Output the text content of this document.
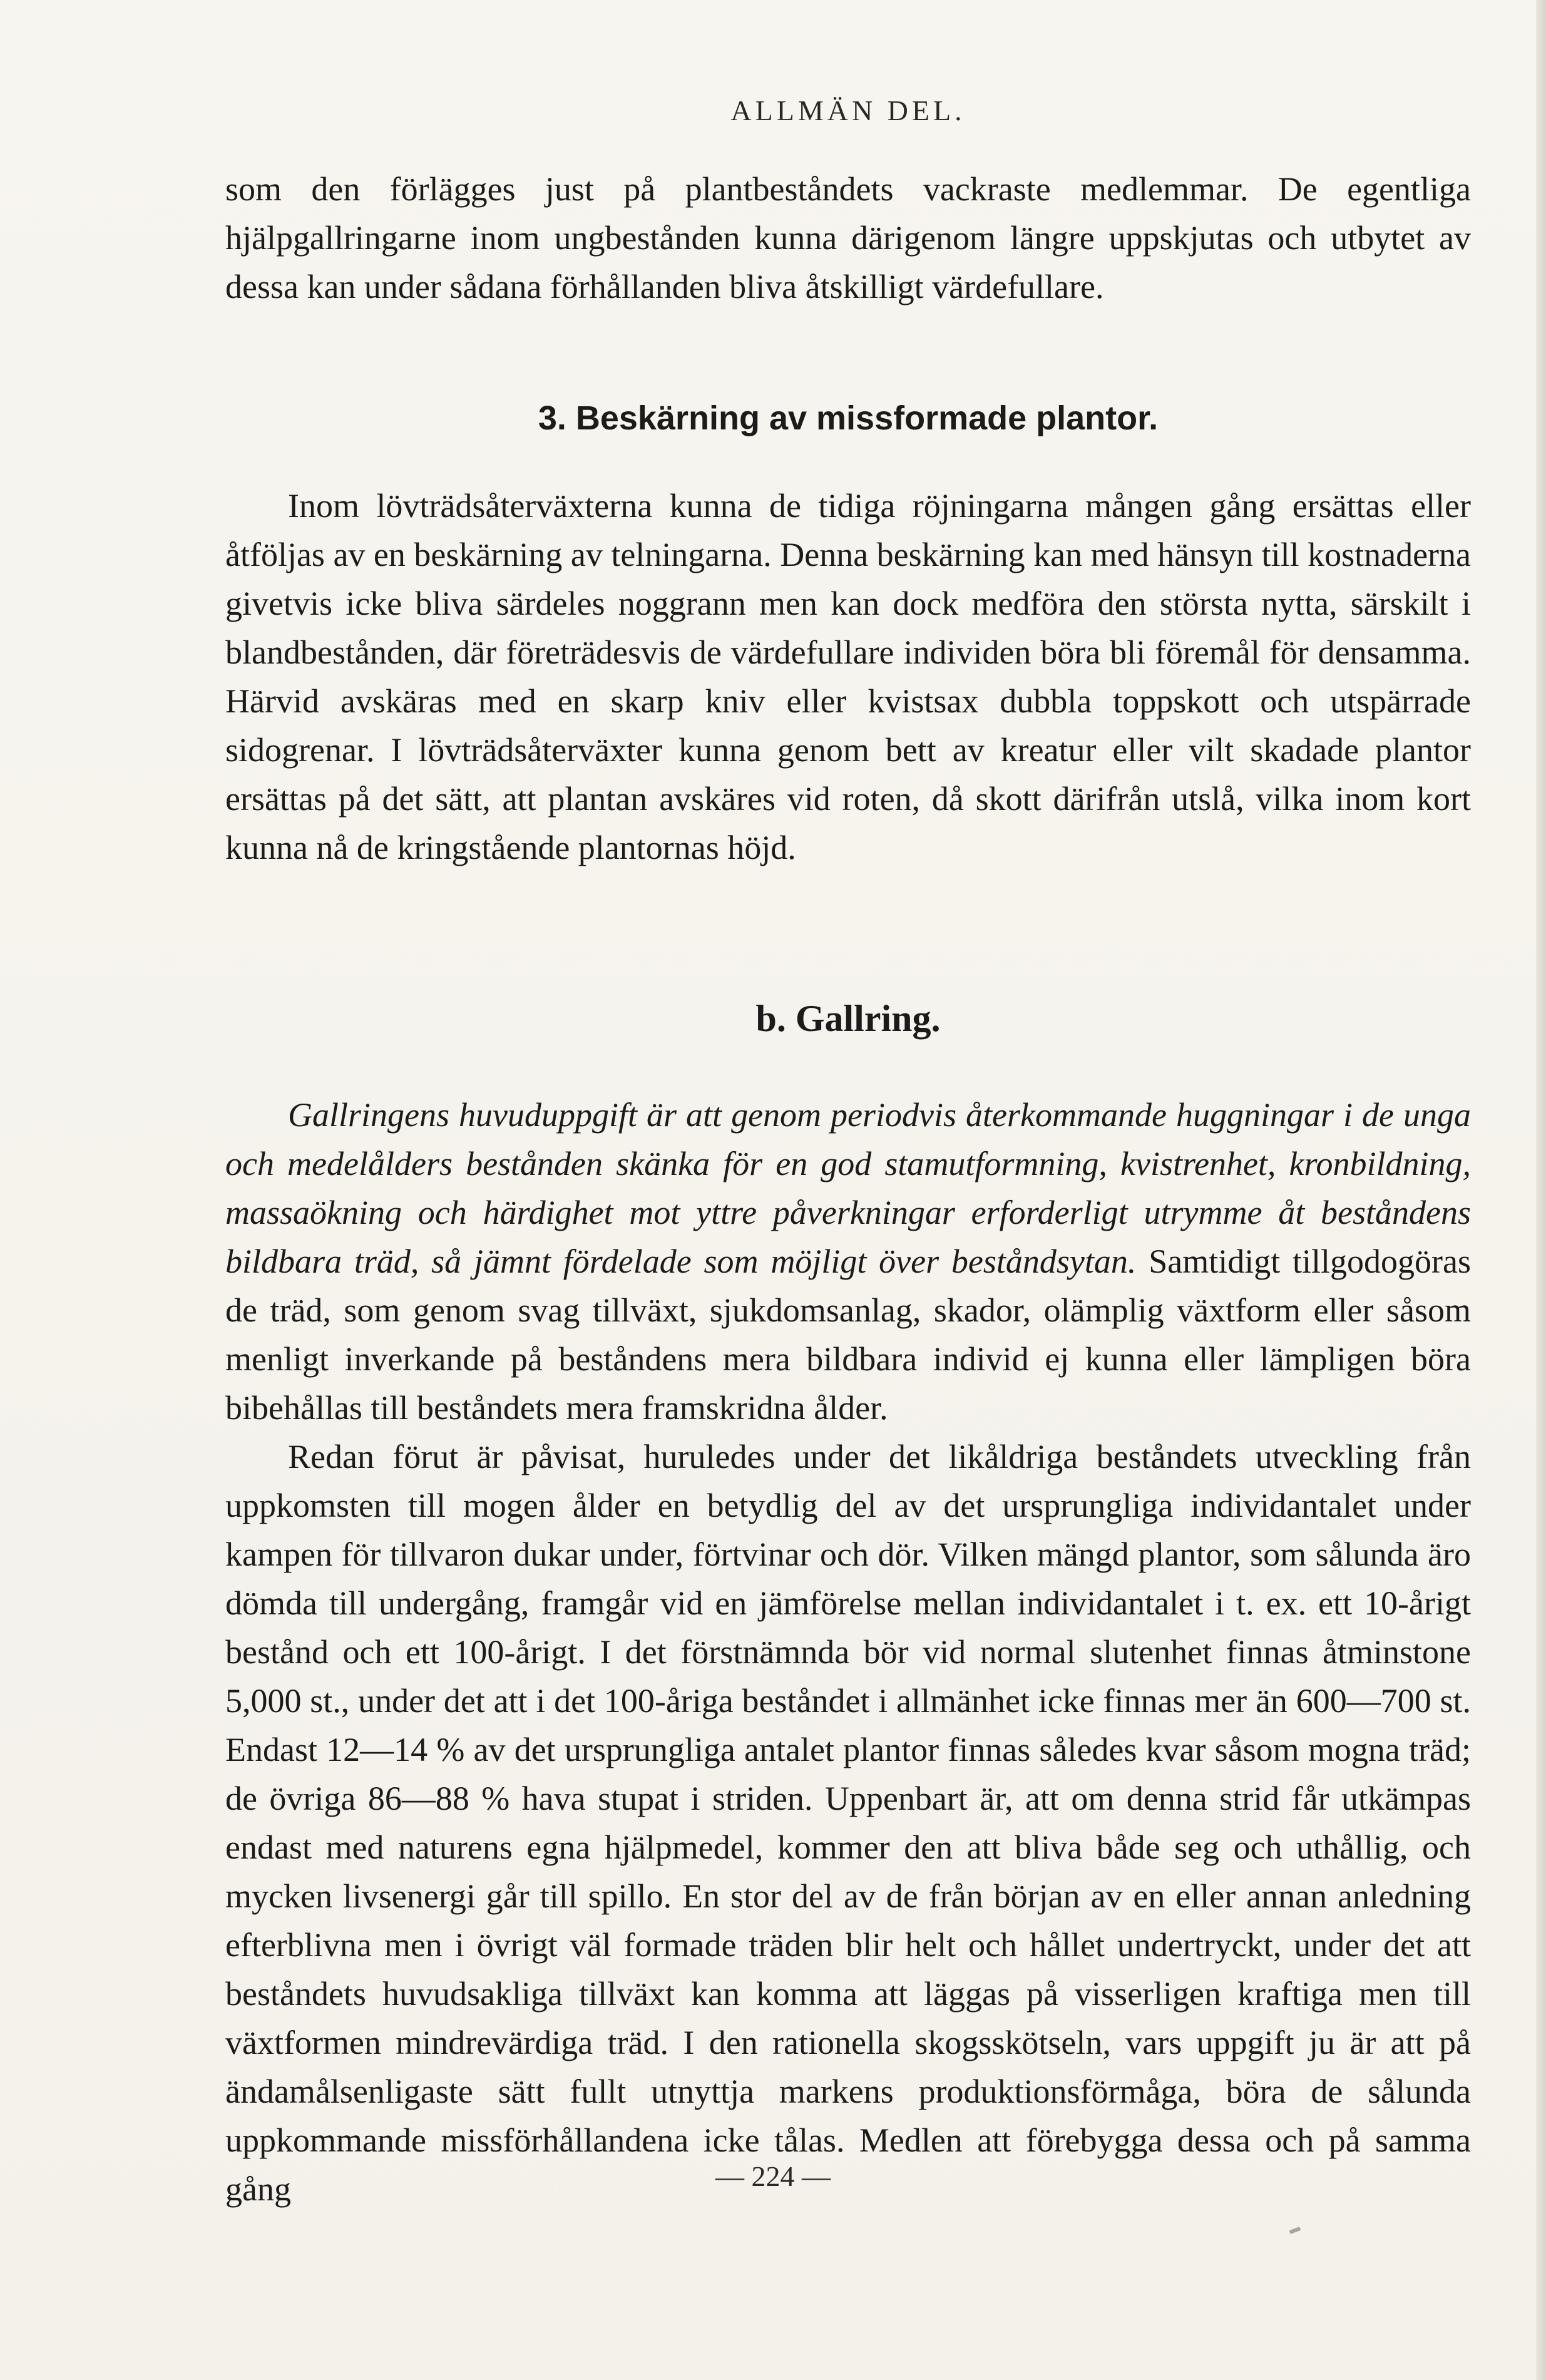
ALLMÄN DEL.

som den förlägges just på plantbeståndets vackraste medlemmar. De egentliga hjälpgallringarne inom ungbestånden kunna därigenom längre uppskjutas och utbytet av dessa kan under sådana förhållanden bliva åtskilligt värdefullare.

3. Beskärning av missformade plantor.

Inom lövträdsåterväxterna kunna de tidiga röjningarna mången gång ersättas eller åtföljas av en beskärning av telningarna. Denna beskärning kan med hänsyn till kostnaderna givetvis icke bliva särdeles noggrann men kan dock medföra den största nytta, särskilt i blandbestånden, där företrädesvis de värdefullare individen böra bli föremål för densamma. Härvid avskäras med en skarp kniv eller kvistsax dubbla toppskott och utspärrade sidogrenar. I lövträdsåterväxter kunna genom bett av kreatur eller vilt skadade plantor ersättas på det sätt, att plantan avskäres vid roten, då skott därifrån utslå, vilka inom kort kunna nå de kringstående plantornas höjd.

b. Gallring.

Gallringens huvuduppgift är att genom periodvis återkommande huggningar i de unga och medelålders bestånden skänka för en god stamutformning, kvistrenhet, kronbildning, massaökning och härdighet mot yttre påverkningar erforderligt utrymme åt beståndens bildbara träd, så jämnt fördelade som möjligt över beståndsytan. Samtidigt tillgodogöras de träd, som genom svag tillväxt, sjukdomsanlag, skador, olämplig växtform eller såsom menligt inverkande på beståndens mera bildbara individ ej kunna eller lämpligen böra bibehållas till beståndets mera framskridna ålder.

Redan förut är påvisat, huruledes under det likåldriga beståndets utveckling från uppkomsten till mogen ålder en betydlig del av det ursprungliga individantalet under kampen för tillvaron dukar under, förtvinar och dör. Vilken mängd plantor, som sålunda äro dömda till undergång, framgår vid en jämförelse mellan individantalet i t. ex. ett 10-årigt bestånd och ett 100-årigt. I det förstnämnda bör vid normal slutenhet finnas åtminstone 5,000 st., under det att i det 100-åriga beståndet i allmänhet icke finnas mer än 600—700 st. Endast 12—14 % av det ursprungliga antalet plantor finnas således kvar såsom mogna träd; de övriga 86—88 % hava stupat i striden. Uppenbart är, att om denna strid får utkämpas endast med naturens egna hjälpmedel, kommer den att bliva både seg och uthållig, och mycken livsenergi går till spillo. En stor del av de från början av en eller annan anledning efterblivna men i övrigt väl formade träden blir helt och hållet undertryckt, under det att beståndets huvudsakliga tillväxt kan komma att läggas på visserligen kraftiga men till växtformen mindrevärdiga träd. I den rationella skogsskötseln, vars uppgift ju är att på ändamålsenligaste sätt fullt utnyttja markens produktionsförmåga, böra de sålunda uppkommande missförhållandena icke tålas. Medlen att förebygga dessa och på samma gång	— 224 —
